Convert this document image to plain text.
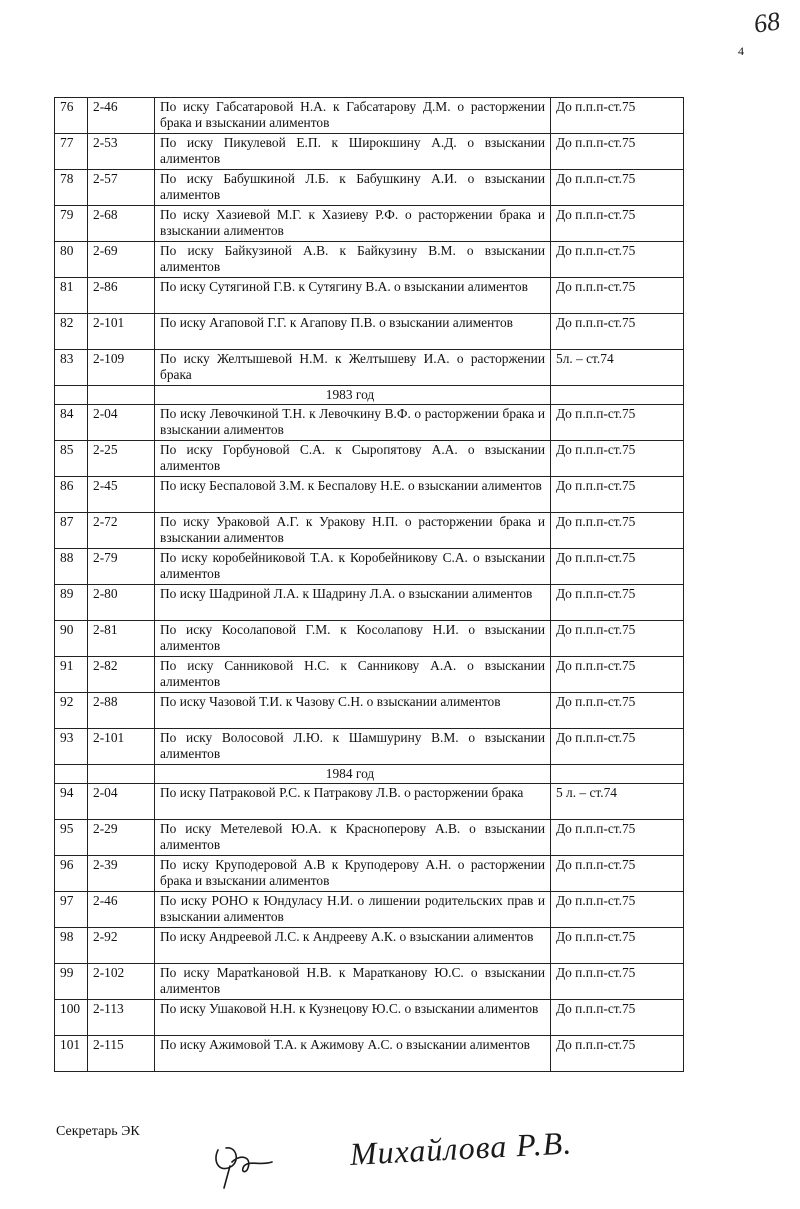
4
68
76	2-46	По иску Габсатаровой Н.А. к Габсатарову Д.М. о расторжении брака и взыскании алиментов	До п.п.п-ст.75
77	2-53	По иску Пикулевой Е.П. к Широкшину А.Д. о взыскании алиментов	До п.п.п-ст.75
78	2-57	По иску Бабушкиной Л.Б. к Бабушкину А.И. о взыскании алиментов	До п.п.п-ст.75
79	2-68	По иску Хазиевой М.Г. к Хазиеву Р.Ф. о расторжении брака и взыскании алиментов	До п.п.п-ст.75
80	2-69	По иску Байкузиной А.В. к Байкузину В.М. о взыскании алиментов	До п.п.п-ст.75
81	2-86	По иску Сутягиной Г.В. к Сутягину В.А. о взыскании алиментов	До п.п.п-ст.75
82	2-101	По иску Агаповой Г.Г. к Агапову П.В. о взыскании алиментов	До п.п.п-ст.75
83	2-109	По иску Желтышевой Н.М. к Желтышеву И.А. о расторжении брака	5л. – ст.74
		1983 год	
84	2-04	По иску Левочкиной Т.Н. к Левочкину В.Ф. о расторжении брака и взыскании алиментов	До п.п.п-ст.75
85	2-25	По иску Горбуновой С.А. к Сыропятову А.А. о взыскании алиментов	До п.п.п-ст.75
86	2-45	По иску Беспаловой З.М. к Беспалову Н.Е. о взыскании алиментов	До п.п.п-ст.75
87	2-72	По иску Ураковой А.Г. к Уракову Н.П. о расторжении брака и взыскании алиментов	До п.п.п-ст.75
88	2-79	По иску коробейниковой Т.А. к Коробейникову С.А. о взыскании алиментов	До п.п.п-ст.75
89	2-80	По иску Шадриной Л.А. к Шадрину Л.А. о взыскании алиментов	До п.п.п-ст.75
90	2-81	По иску Косолаповой Г.М. к Косолапову Н.И. о взыскании алиментов	До п.п.п-ст.75
91	2-82	По иску Санниковой Н.С. к Санникову А.А. о взыскании алиментов	До п.п.п-ст.75
92	2-88	По иску Чазовой Т.И. к Чазову С.Н. о взыскании алиментов	До п.п.п-ст.75
93	2-101	По иску Волосовой Л.Ю. к Шамшурину В.М. о взыскании алиментов	До п.п.п-ст.75
		1984 год	
94	2-04	По иску Патраковой Р.С. к Патракову Л.В. о расторжении брака	5 л. – ст.74
95	2-29	По иску Метелевой Ю.А. к Красноперову А.В. о взыскании алиментов	До п.п.п-ст.75
96	2-39	По иску Круподеровой А.В к Круподерову А.Н. о расторжении брака и взыскании алиментов	До п.п.п-ст.75
97	2-46	По иску РОНО к Юндуласу Н.И. о лишении родительских прав и взыскании алиментов	До п.п.п-ст.75
98	2-92	По иску Андреевой Л.С. к Андрееву А.К. о взыскании алиментов	До п.п.п-ст.75
99	2-102	По иску Маратkановой Н.В. к Маратканову Ю.С. о взыскании алиментов	До п.п.п-ст.75
100	2-113	По иску Ушаковой Н.Н. к Кузнецову Ю.С. о взыскании алиментов	До п.п.п-ст.75
101	2-115	По иску Ажимовой Т.А. к Ажимову А.С. о взыскании алиментов	До п.п.п-ст.75
Секретарь ЭК	Михайлова Р.В.
